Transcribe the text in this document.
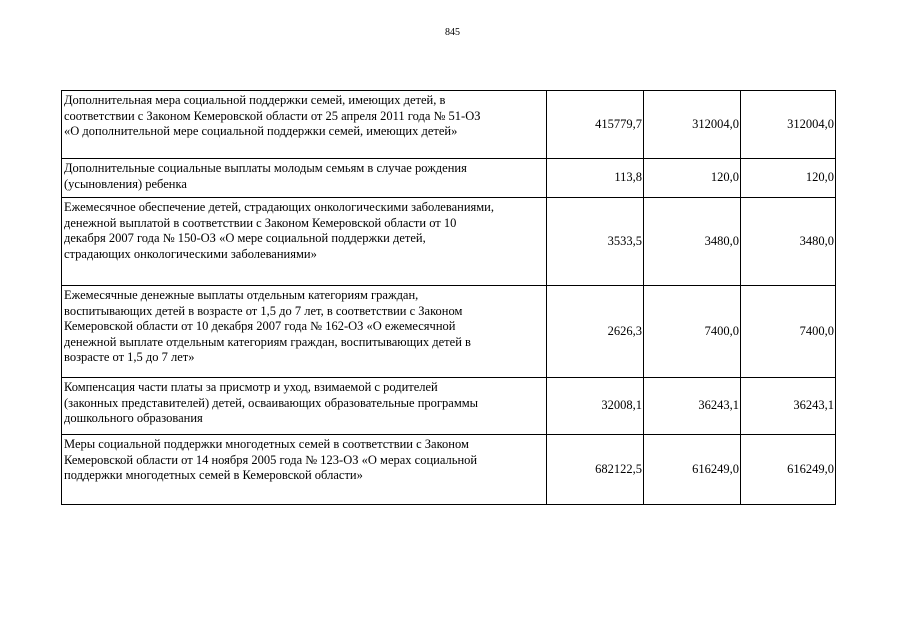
845
Дополнительная мера социальной поддержки семей, имеющих детей, в
соответствии с Законом Кемеровской области от 25 апреля 2011 года № 51-ОЗ
«О дополнительной мере социальной поддержки семей, имеющих детей»	415779,7	312004,0	312004,0

Дополнительные социальные выплаты молодым семьям в случае рождения
(усыновления) ребенка	113,8	120,0	120,0

Ежемесячное обеспечение детей, страдающих онкологическими заболеваниями,
денежной выплатой в соответствии с Законом Кемеровской области от 10
декабря 2007 года № 150-ОЗ «О мере социальной поддержки детей,
страдающих онкологическими заболеваниями»	3533,5	3480,0	3480,0

Ежемесячные денежные выплаты отдельным категориям граждан,
воспитывающих детей в возрасте от 1,5 до 7 лет, в соответствии с Законом
Кемеровской области от 10 декабря 2007 года № 162-ОЗ «О ежемесячной
денежной выплате отдельным категориям граждан, воспитывающих детей в
возрасте от 1,5 до 7 лет»	2626,3	7400,0	7400,0

Компенсация части платы за присмотр и уход, взимаемой с родителей
(законных представителей) детей, осваивающих образовательные программы
дошкольного образования	32008,1	36243,1	36243,1

Меры социальной поддержки многодетных семей в соответствии с Законом
Кемеровской области от 14 ноября 2005 года № 123-ОЗ «О мерах социальной
поддержки многодетных семей в Кемеровской области»	682122,5	616249,0	616249,0
